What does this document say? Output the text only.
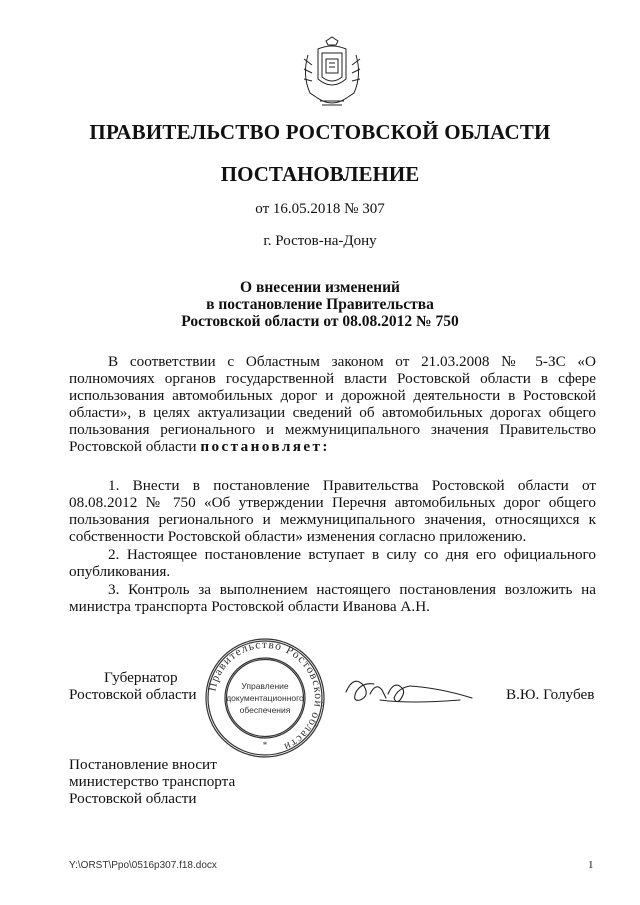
ПРАВИТЕЛЬСТВО РОСТОВСКОЙ ОБЛАСТИ
ПОСТАНОВЛЕНИЕ
от 16.05.2018 № 307
г. Ростов-на-Дону
О внесении изменений
в постановление Правительства
Ростовской области от 08.08.2012 № 750

В соответствии с Областным законом от 21.03.2008 № 5-ЗС «О полномочиях органов государственной власти Ростовской области в сфере использования автомобильных дорог и дорожной деятельности в Ростовской области», в целях актуализации сведений об автомобильных дорогах общего пользования регионального и межмуниципального значения Правительство Ростовской области постановляет:

1. Внести в постановление Правительства Ростовской области от 08.08.2012 № 750 «Об утверждении Перечня автомобильных дорог общего пользования регионального и межмуниципального значения, относящихся к собственности Ростовской области» изменения согласно приложению.

2. Настоящее постановление вступает в силу со дня его официального опубликования.

3. Контроль за выполнением настоящего постановления возложить на министра транспорта Ростовской области Иванова А.Н.

Губернатор
Ростовской области Правительство Ростовской области
Управление
документационного
обеспечения
*
В.Ю. Голубев
Постановление вносит
министерство транспорта
Ростовской области
Y:\ORST\Ppo\0516p307.f18.docx	1
